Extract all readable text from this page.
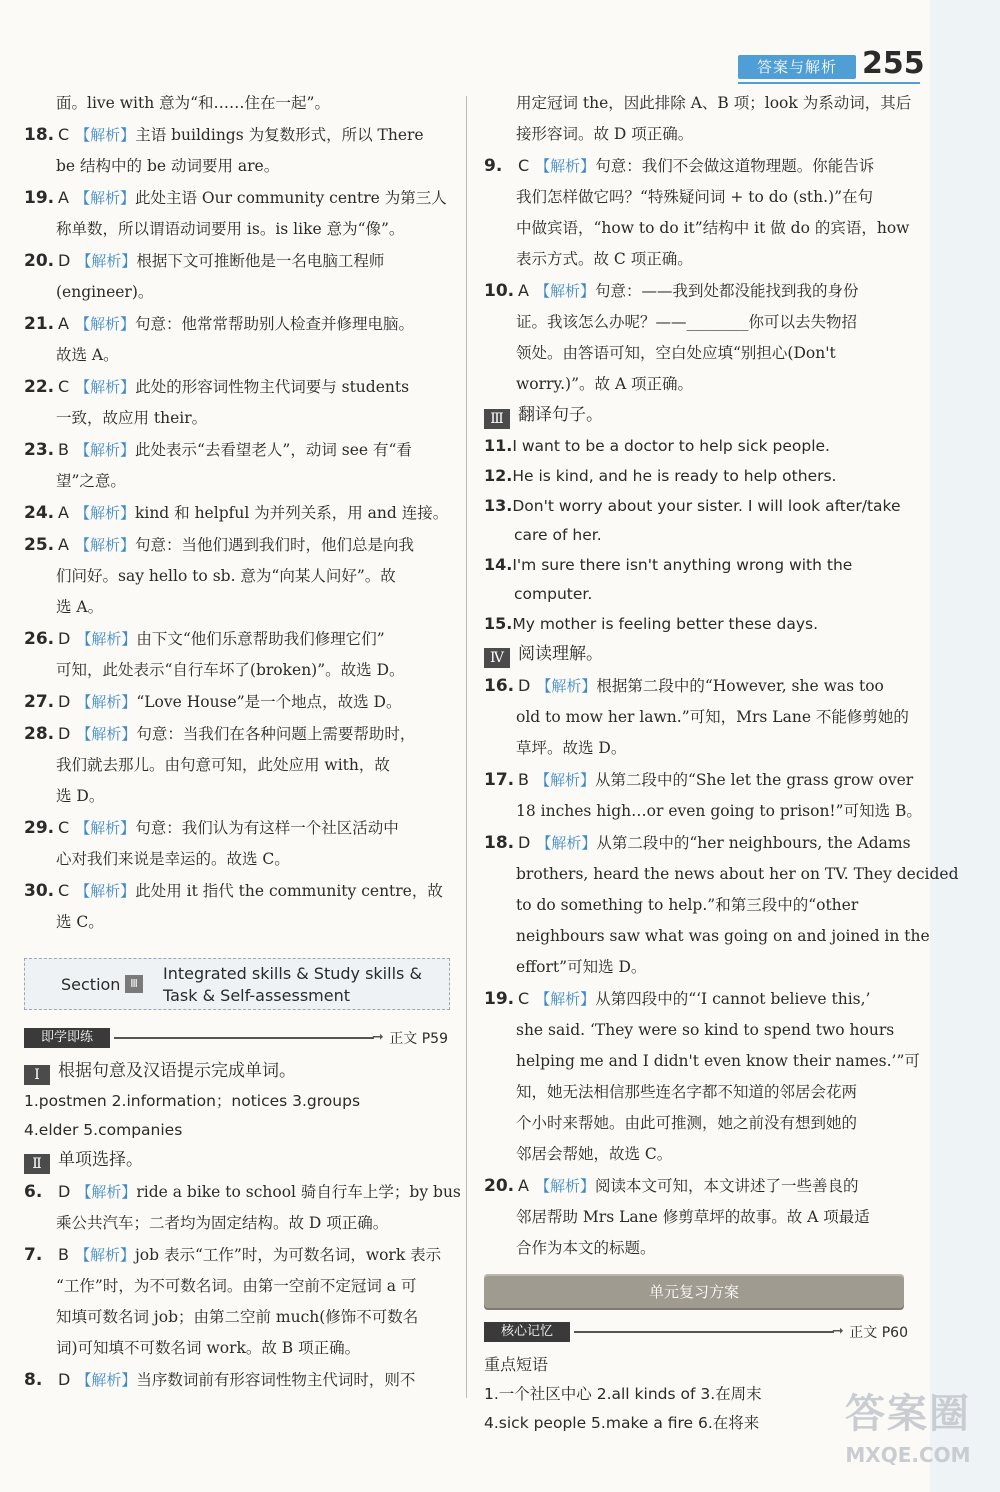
答案与解析 255
面。live with 意为“和……住在一起”。
18. C 【解析】主语 buildings 为复数形式，所以 There
be 结构中的 be 动词要用 are。
19. A 【解析】此处主语 Our community centre 为第三人
称单数，所以谓语动词要用 is。is like 意为“像”。
20. D 【解析】根据下文可推断他是一名电脑工程师
(engineer)。
21. A 【解析】句意：他常常帮助别人检查并修理电脑。
故选 A。
22. C 【解析】此处的形容词性物主代词要与 students
一致，故应用 their。
23. B 【解析】此处表示“去看望老人”，动词 see 有“看
望”之意。
24. A 【解析】kind 和 helpful 为并列关系，用 and 连接。
25. A 【解析】句意：当他们遇到我们时，他们总是向我
们问好。say hello to sb. 意为“向某人问好”。故
选 A。
26. D 【解析】由下文“他们乐意帮助我们修理它们”
可知，此处表示“自行车坏了(broken)”。故选 D。
27. D 【解析】“Love House”是一个地点，故选 D。
28. D 【解析】句意：当我们在各种问题上需要帮助时，
我们就去那儿。由句意可知，此处应用 with，故
选 D。
29. C 【解析】句意：我们认为有这样一个社区活动中
心对我们来说是幸运的。故选 C。
30. C 【解析】此处用 it 指代 the community centre，故
选 C。
Section Ⅲ
Integrated skills & Study skills &
Task & Self-assessment
即学即练	➞ 正文 P59
Ⅰ 根据句意及汉语提示完成单词。
1.postmen 2.information；notices 3.groups
4.elder 5.companies
Ⅱ 单项选择。
6. D 【解析】ride a bike to school 骑自行车上学；by bus
乘公共汽车；二者均为固定结构。故 D 项正确。
7. B 【解析】job 表示“工作”时，为可数名词，work 表示
“工作”时，为不可数名词。由第一空前不定冠词 a 可
知填可数名词 job；由第二空前 much(修饰不可数名
词)可知填不可数名词 work。故 B 项正确。
8. D 【解析】当序数词前有形容词性物主代词时，则不
用定冠词 the，因此排除 A、B 项；look 为系动词，其后
接形容词。故 D 项正确。
9. C 【解析】句意：我们不会做这道物理题。你能告诉
我们怎样做它吗？“特殊疑问词 + to do (sth.)”在句
中做宾语，“how to do it”结构中 it 做 do 的宾语，how
表示方式。故 C 项正确。
10. A 【解析】句意：——我到处都没能找到我的身份
证。我该怎么办呢？——________你可以去失物招
领处。由答语可知，空白处应填“别担心(Don't
worry.)”。故 A 项正确。
Ⅲ 翻译句子。
11.I want to be a doctor to help sick people.
12.He is kind, and he is ready to help others.
13.Don't worry about your sister. I will look after/take
care of her.
14.I'm sure there isn't anything wrong with the
computer.
15.My mother is feeling better these days.
Ⅳ 阅读理解。
16. D 【解析】根据第二段中的“However, she was too
old to mow her lawn.”可知，Mrs Lane 不能修剪她的
草坪。故选 D。
17. B 【解析】从第二段中的“She let the grass grow over
18 inches high…or even going to prison!”可知选 B。
18. D 【解析】从第二段中的“her neighbours, the Adams
brothers, heard the news about her on TV. They decided
to do something to help.”和第三段中的“other
neighbours saw what was going on and joined in the
effort”可知选 D。
19. C 【解析】从第四段中的“‘I cannot believe this,’
she said. ‘They were so kind to spend two hours
helping me and I didn't even know their names.’”可
知，她无法相信那些连名字都不知道的邻居会花两
个小时来帮她。由此可推测，她之前没有想到她的
邻居会帮她，故选 C。
20. A 【解析】阅读本文可知，本文讲述了一些善良的
邻居帮助 Mrs Lane 修剪草坪的故事。故 A 项最适
合作为本文的标题。
单元复习方案
核心记忆	➞ 正文 P60
重点短语
1.一个社区中心 2.all kinds of 3.在周末
4.sick people 5.make a fire 6.在将来	答案圈
MXQE.COM
